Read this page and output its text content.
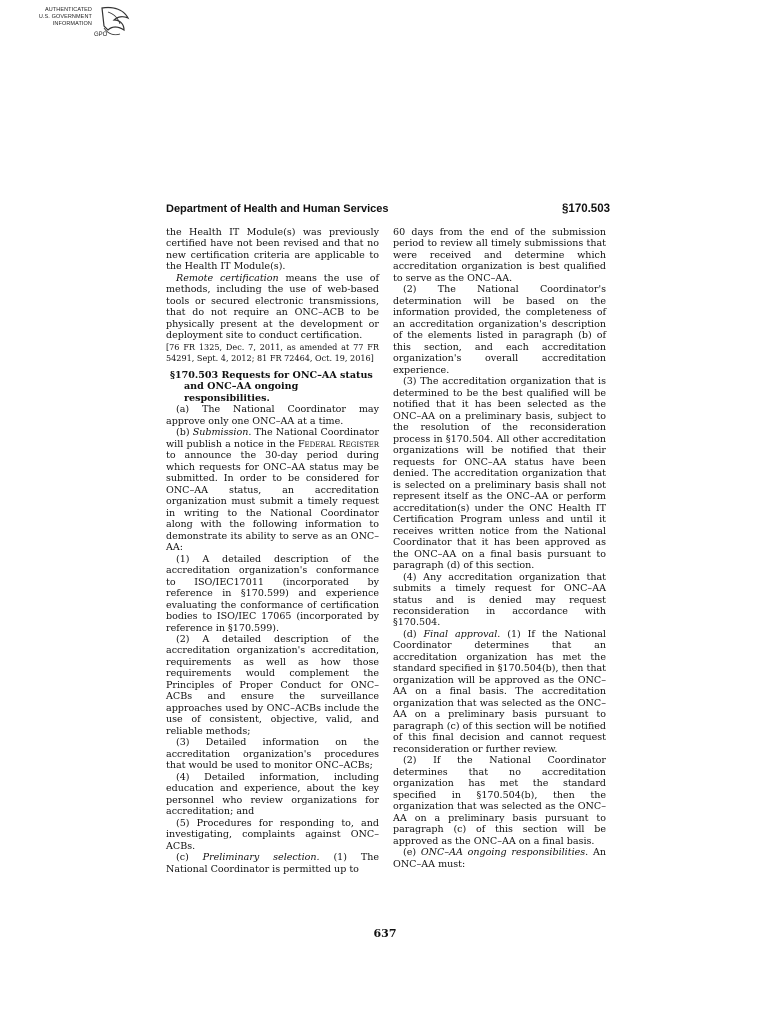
AUTHENTICATED
U.S. GOVERNMENT
INFORMATION
GPO
Department of Health and Human Services	§170.503

the Health IT Module(s) was previously certified have not been revised and that no new certification criteria are applicable to the Health IT Module(s).

Remote certification means the use of methods, including the use of web-based tools or secured electronic transmissions, that do not require an ONC–ACB to be physically present at the development or deployment site to conduct certification.

[76 FR 1325, Dec. 7, 2011, as amended at 77 FR 54291, Sept. 4, 2012; 81 FR 72464, Oct. 19, 2016]

§170.503 Requests for ONC–AA status and ONC–AA ongoing responsibilities.

(a) The National Coordinator may approve only one ONC–AA at a time.

(b) Submission. The National Coordinator will publish a notice in the Federal Register to announce the 30-day period during which requests for ONC–AA status may be submitted. In order to be considered for ONC–AA status, an accreditation organization must submit a timely request in writing to the National Coordinator along with the following information to demonstrate its ability to serve as an ONC–AA:

(1) A detailed description of the accreditation organization's conformance to ISO/IEC17011 (incorporated by reference in §170.599) and experience evaluating the conformance of certification bodies to ISO/IEC 17065 (incorporated by reference in §170.599).

(2) A detailed description of the accreditation organization's accreditation, requirements as well as how those requirements would complement the Principles of Proper Conduct for ONC–ACBs and ensure the surveillance approaches used by ONC–ACBs include the use of consistent, objective, valid, and reliable methods;

(3) Detailed information on the accreditation organization's procedures that would be used to monitor ONC–ACBs;

(4) Detailed information, including education and experience, about the key personnel who review organizations for accreditation; and

(5) Procedures for responding to, and investigating, complaints against ONC–ACBs.

(c) Preliminary selection. (1) The National Coordinator is permitted up to

60 days from the end of the submission period to review all timely submissions that were received and determine which accreditation organization is best qualified to serve as the ONC–AA.

(2) The National Coordinator's determination will be based on the information provided, the completeness of an accreditation organization's description of the elements listed in paragraph (b) of this section, and each accreditation organization's overall accreditation experience.

(3) The accreditation organization that is determined to be the best qualified will be notified that it has been selected as the ONC–AA on a preliminary basis, subject to the resolution of the reconsideration process in §170.504. All other accreditation organizations will be notified that their requests for ONC–AA status have been denied. The accreditation organization that is selected on a preliminary basis shall not represent itself as the ONC–AA or perform accreditation(s) under the ONC Health IT Certification Program unless and until it receives written notice from the National Coordinator that it has been approved as the ONC–AA on a final basis pursuant to paragraph (d) of this section.

(4) Any accreditation organization that submits a timely request for ONC–AA status and is denied may request reconsideration in accordance with §170.504.

(d) Final approval. (1) If the National Coordinator determines that an accreditation organization has met the standard specified in §170.504(b), then that organization will be approved as the ONC–AA on a final basis. The accreditation organization that was selected as the ONC–AA on a preliminary basis pursuant to paragraph (c) of this section will be notified of this final decision and cannot request reconsideration or further review.

(2) If the National Coordinator determines that no accreditation organization has met the standard specified in §170.504(b), then the organization that was selected as the ONC–AA on a preliminary basis pursuant to paragraph (c) of this section will be approved as the ONC–AA on a final basis.

(e) ONC–AA ongoing responsibilities. An ONC–AA must:

637
